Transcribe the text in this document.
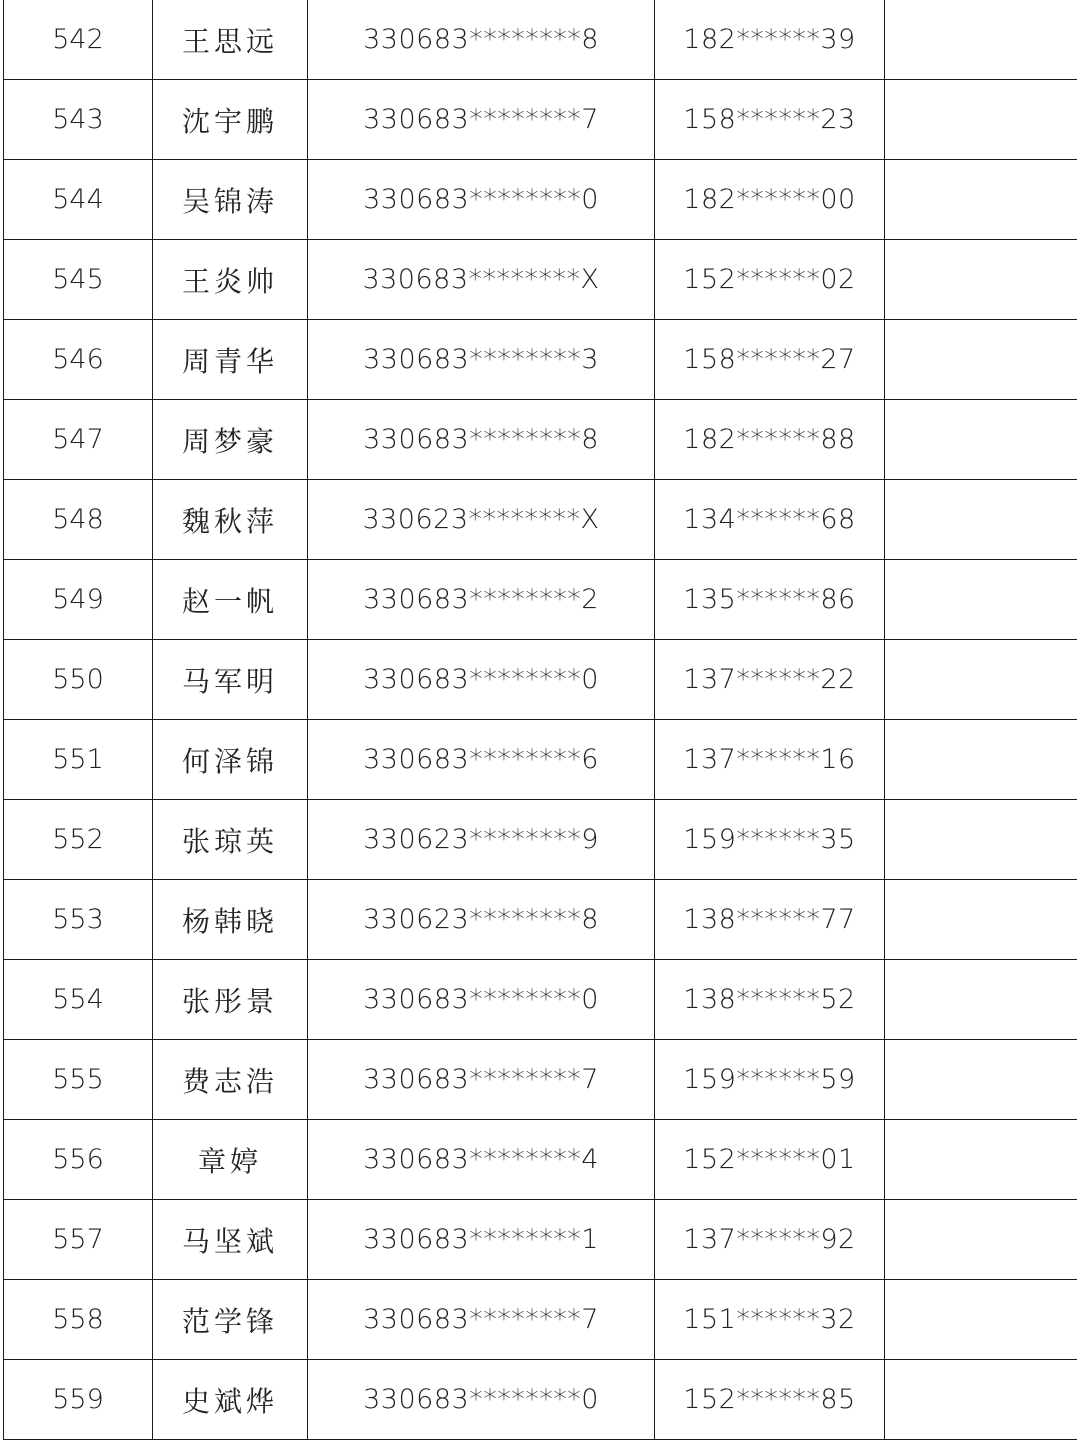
542	王思远	330683********8	182******39	
543	沈宇鹏	330683********7	158******23	
544	吴锦涛	330683********0	182******00	
545	王炎帅	330683********X	152******02	
546	周青华	330683********3	158******27	
547	周梦豪	330683********8	182******88	
548	魏秋萍	330623********X	134******68	
549	赵一帆	330683********2	135******86	
550	马军明	330683********0	137******22	
551	何泽锦	330683********6	137******16	
552	张琼英	330623********9	159******35	
553	杨韩晓	330623********8	138******77	
554	张彤景	330683********0	138******52	
555	费志浩	330683********7	159******59	
556	章婷	330683********4	152******01	
557	马坚斌	330683********1	137******92	
558	范学锋	330683********7	151******32	
559	史斌烨	330683********0	152******85	
